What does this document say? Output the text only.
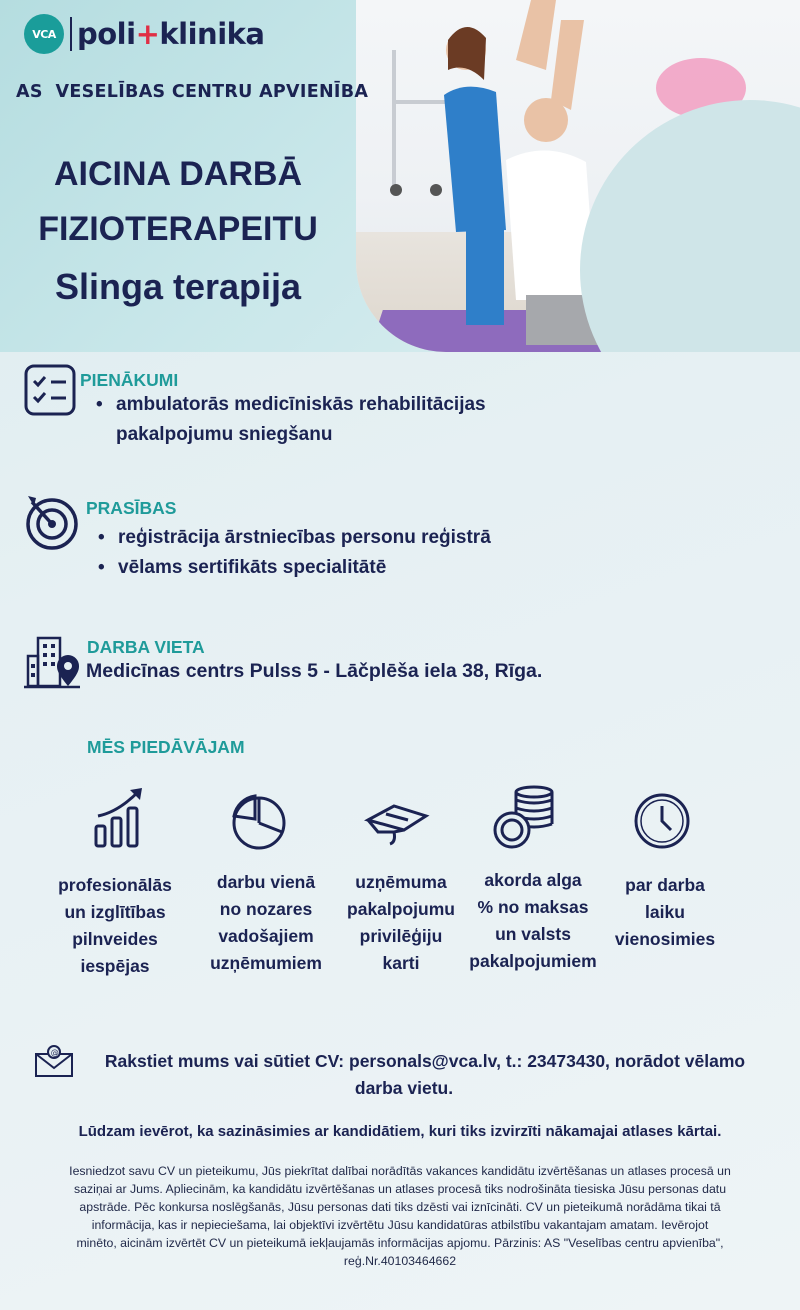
VCA poli+klinika
AS  VESELĪBAS CENTRU APVIENĪBA
AICINA DARBĀ
FIZIOTERAPEITU
Slinga terapija
PIENĀKUMI
• ambulatorās medicīniskās rehabilitācijas
pakalpojumu sniegšanu
PRASĪBAS
• reģistrācija ārstniecības personu reģistrā
• vēlams sertifikāts specialitātē
DARBA VIETA
Medicīnas centrs Pulss 5 - Lāčplēša iela 38, Rīga.
MĒS PIEDĀVĀJAM
profesionālās
un izglītības
pilnveides
iespējas
darbu vienā
no nozares
vadošajiem
uzņēmumiem
uzņēmuma
pakalpojumu
privilēģiju
karti
akorda alga
% no maksas
un valsts
pakalpojumiem
par darba
laiku
vienosimies
@	Rakstiet mums vai sūtiet CV: personals@vca.lv, t.: 23473430, norādot vēlamo
darba vietu.
Lūdzam ievērot, ka sazināsimies ar kandidātiem, kuri tiks izvirzīti nākamajai atlases kārtai.
Iesniedzot savu CV un pieteikumu, Jūs piekrītat dalībai norādītās vakances kandidātu izvērtēšanas un atlases procesā un
saziņai ar Jums. Apliecinām, ka kandidātu izvērtēšanas un atlases procesā tiks nodrošināta tiesiska Jūsu personas datu
apstrāde. Pēc konkursa noslēgšanās, Jūsu personas dati tiks dzēsti vai iznīcināti. CV un pieteikumā norādāma tikai tā
informācija, kas ir nepieciešama, lai objektīvi izvērtētu Jūsu kandidatūras atbilstību vakantajam amatam. Ievērojot
minēto, aicinām izvērtēt CV un pieteikumā iekļaujamās informācijas apjomu. Pārzinis: AS "Veselības centru apvienība",
reģ.Nr.40103464662
